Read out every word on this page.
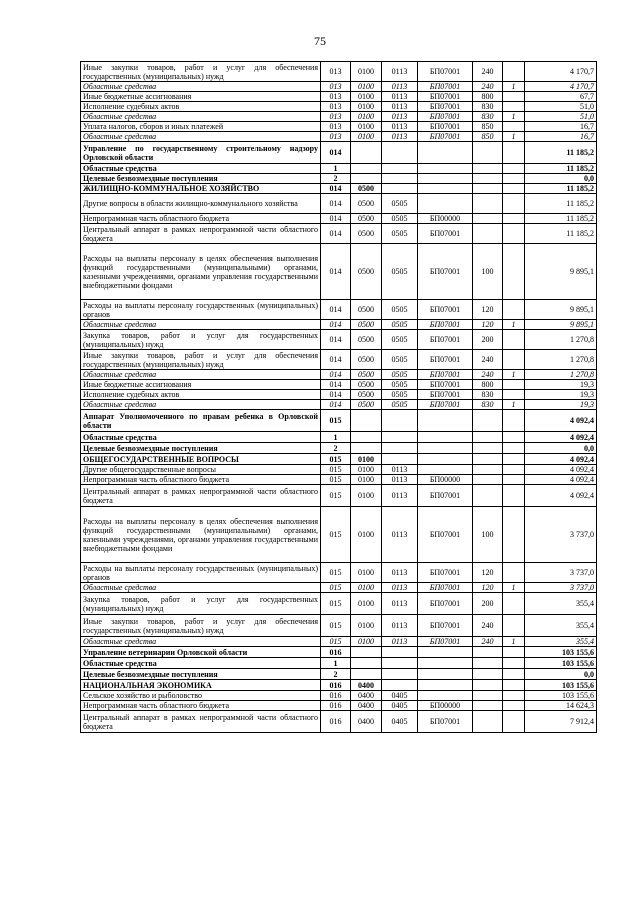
75
Иные закупки товаров, работ и услуг для обеспечения государственных (муниципальных) нужд	013	0100	0113	БП07001	240		4 170,7
Областные средства	013	0100	0113	БП07001	240	1	4 170,7
Иные бюджетные ассигнования	013	0100	0113	БП07001	800		67,7
Исполнение судебных актов	013	0100	0113	БП07001	830		51,0
Областные средства	013	0100	0113	БП07001	830	1	51,0
Уплата налогов, сборов и иных платежей	013	0100	0113	БП07001	850		16,7
Областные средства	013	0100	0113	БП07001	850	1	16,7
Управление по государственному строительному надзору Орловской области	014						11 185,2
Областные средства	1						11 185,2
Целевые безвозмездные поступления	2						0,0
ЖИЛИЩНО-КОММУНАЛЬНОЕ ХОЗЯЙСТВО	014	0500					11 185,2
Другие вопросы в области жилищно-коммунального хозяйства	014	0500	0505				11 185,2
Непрограммная часть областного бюджета	014	0500	0505	БП00000			11 185,2
Центральный аппарат в рамках непрограммной части областного бюджета	014	0500	0505	БП07001			11 185,2
Расходы на выплаты персоналу в целях обеспечения выполнения функций государственными (муниципальными) органами, казенными учреждениями, органами управления государственными внебюджетными фондами	014	0500	0505	БП07001	100		9 895,1
Расходы на выплаты персоналу государственных (муниципальных) органов	014	0500	0505	БП07001	120		9 895,1
Областные средства	014	0500	0505	БП07001	120	1	9 895,1
Закупка товаров, работ и услуг для государственных (муниципальных) нужд	014	0500	0505	БП07001	200		1 270,8
Иные закупки товаров, работ и услуг для обеспечения государственных (муниципальных) нужд	014	0500	0505	БП07001	240		1 270,8
Областные средства	014	0500	0505	БП07001	240	1	1 270,8
Иные бюджетные ассигнования	014	0500	0505	БП07001	800		19,3
Исполнение судебных актов	014	0500	0505	БП07001	830		19,3
Областные средства	014	0500	0505	БП07001	830	1	19,3
Аппарат Уполномоченного по правам ребенка в Орловской области	015						4 092,4
Областные средства	1						4 092,4
Целевые безвозмездные поступления	2						0,0
ОБЩЕГОСУДАРСТВЕННЫЕ ВОПРОСЫ	015	0100					4 092,4
Другие общегосударственные вопросы	015	0100	0113				4 092,4
Непрограммная часть областного бюджета	015	0100	0113	БП00000			4 092,4
Центральный аппарат в рамках непрограммной части областного бюджета	015	0100	0113	БП07001			4 092,4
Расходы на выплаты персоналу в целях обеспечения выполнения функций государственными (муниципальными) органами, казенными учреждениями, органами управления государственными внебюджетными фондами	015	0100	0113	БП07001	100		3 737,0
Расходы на выплаты персоналу государственных (муниципальных) органов	015	0100	0113	БП07001	120		3 737,0
Областные средства	015	0100	0113	БП07001	120	1	3 737,0
Закупка товаров, работ и услуг для государственных (муниципальных) нужд	015	0100	0113	БП07001	200		355,4
Иные закупки товаров, работ и услуг для обеспечения государственных (муниципальных) нужд	015	0100	0113	БП07001	240		355,4
Областные средства	015	0100	0113	БП07001	240	1	355,4
Управление ветеринарии Орловской области	016						103 155,6
Областные средства	1						103 155,6
Целевые безвозмездные поступления	2						0,0
НАЦИОНАЛЬНАЯ ЭКОНОМИКА	016	0400					103 155,6
Сельское хозяйство и рыболовство	016	0400	0405				103 155,6
Непрограммная часть областного бюджета	016	0400	0405	БП00000			14 624,3
Центральный аппарат в рамках непрограммной части областного бюджета	016	0400	0405	БП07001			7 912,4
